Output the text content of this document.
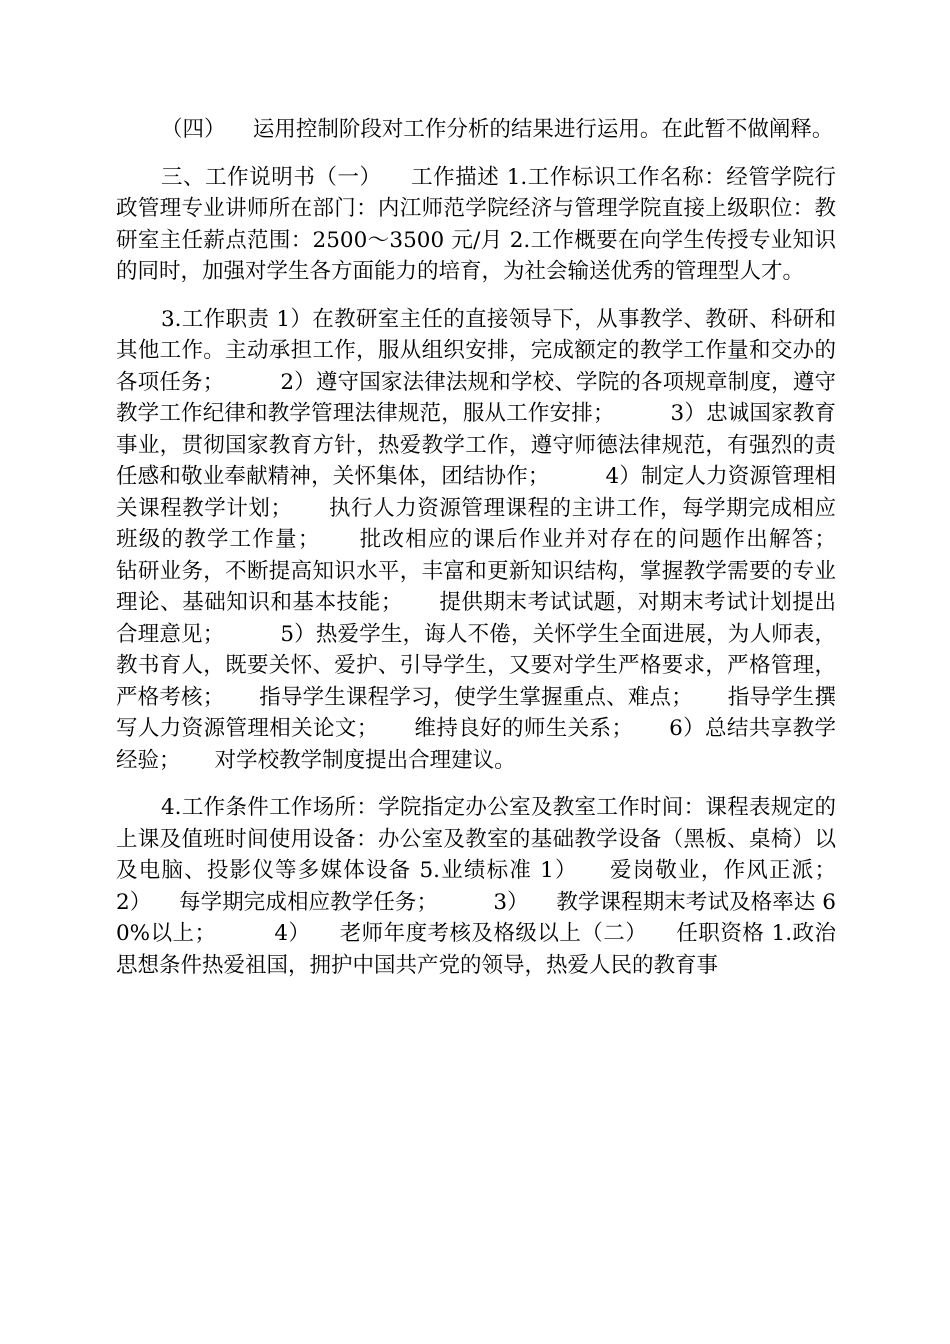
（四）    运用控制阶段对工作分析的结果进行运用。在此暂不做阐释。

三、工作说明书（一）    工作描述 1.工作标识工作名称：经管学院行政管理专业讲师所在部门：内江师范学院经济与管理学院直接上级职位：教研室主任薪点范围：2500～3500 元/月 2.工作概要在向学生传授专业知识的同时，加强对学生各方面能力的培育，为社会输送优秀的管理型人才。

3.工作职责 1）在教研室主任的直接领导下，从事教学、教研、科研和其他工作。主动承担工作，服从组织安排，完成额定的教学工作量和交办的各项任务；        2）遵守国家法律法规和学校、学院的各项规章制度，遵守教学工作纪律和教学管理法律规范，服从工作安排；        3）忠诚国家教育事业，贯彻国家教育方针，热爱教学工作，遵守师德法律规范，有强烈的责任感和敬业奉献精神，关怀集体，团结协作；        4）制定人力资源管理相关课程教学计划；     执行人力资源管理课程的主讲工作，每学期完成相应班级的教学工作量；     批改相应的课后作业并对存在的问题作出解答；     钻研业务，不断提高知识水平，丰富和更新知识结构，掌握教学需要的专业理论、基础知识和基本技能；     提供期末考试试题，对期末考试计划提出合理意见；        5）热爱学生，诲人不倦，关怀学生全面进展，为人师表，教书育人，既要关怀、爱护、引导学生，又要对学生严格要求，严格管理，严格考核；     指导学生课程学习，使学生掌握重点、难点；     指导学生撰写人力资源管理相关论文；     维持良好的师生关系；     6）总结共享教学经验；     对学校教学制度提出合理建议。

4.工作条件工作场所：学院指定办公室及教室工作时间：课程表规定的上课及值班时间使用设备：办公室及教室的基础教学设备（黑板、桌椅）以及电脑、投影仪等多媒体设备 5.业绩标准 1）    爱岗敬业，作风正派；        2）    每学期完成相应教学任务；        3）    教学课程期末考试及格率达 60%以上；        4）    老师年度考核及格级以上（二）    任职资格 1.政治思想条件热爱祖国，拥护中国共产党的领导，热爱人民的教育事
